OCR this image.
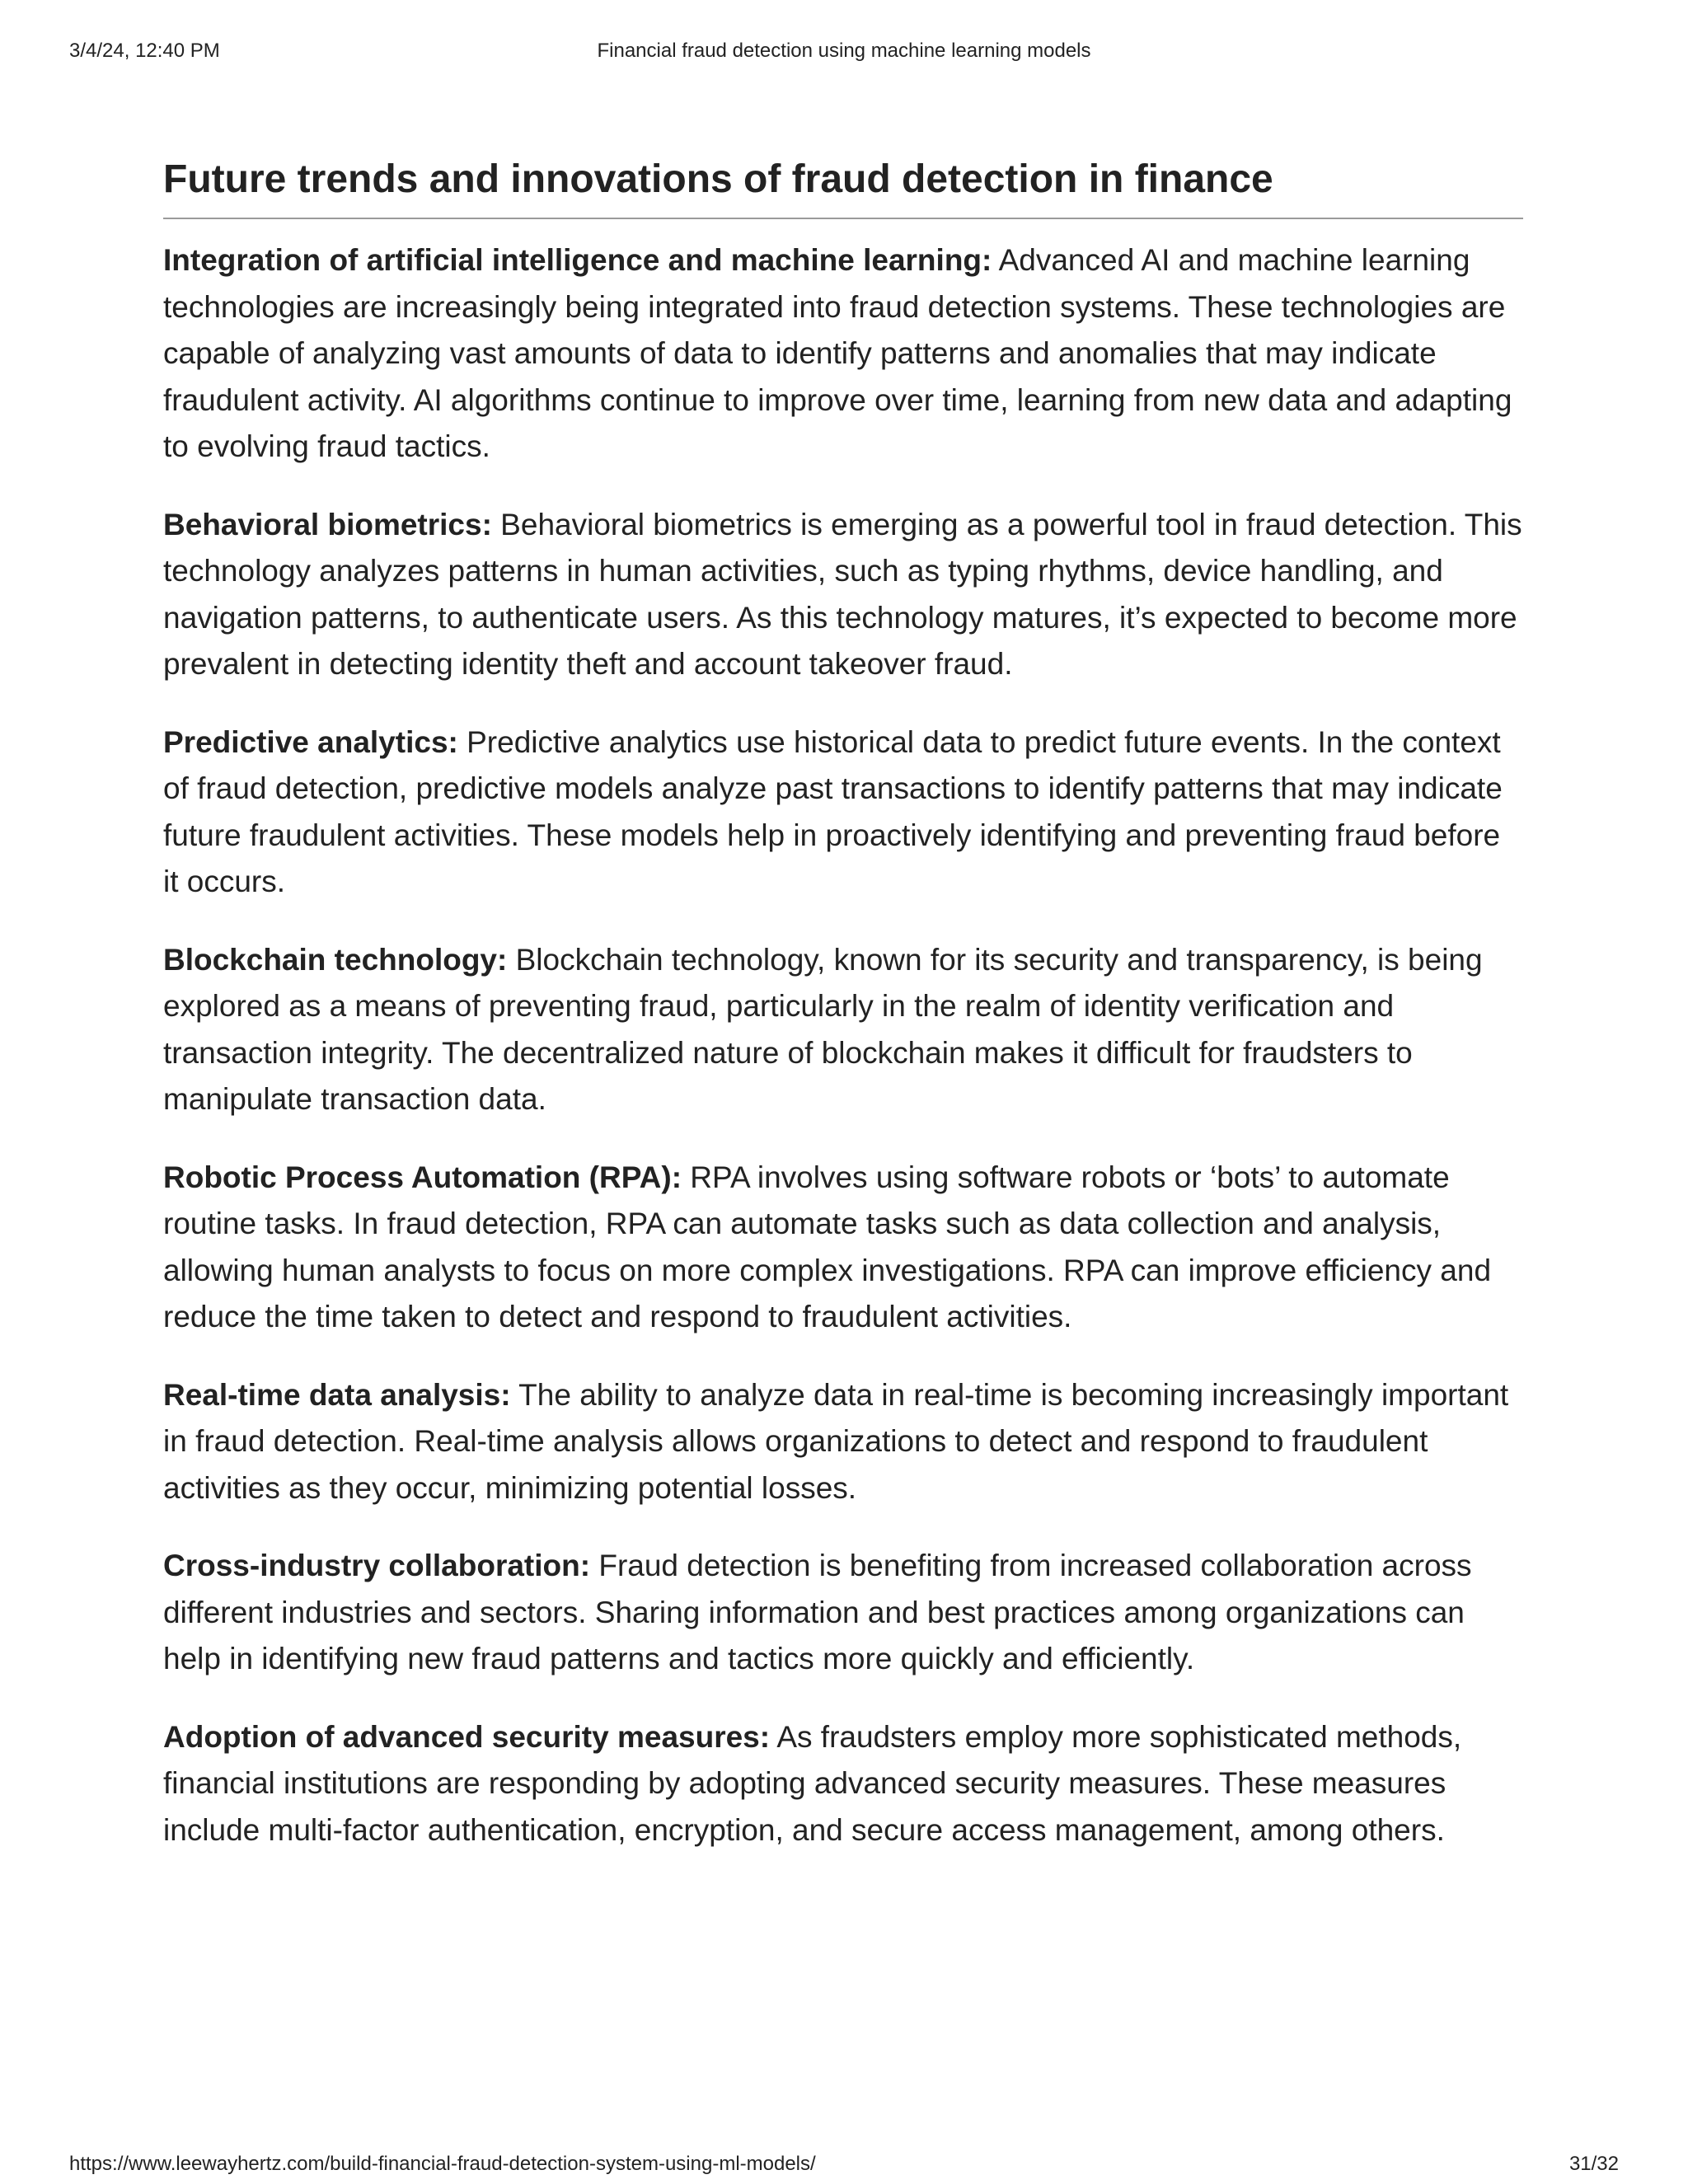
3/4/24, 12:40 PM	Financial fraud detection using machine learning models
Future trends and innovations of fraud detection in finance

Integration of artificial intelligence and machine learning: Advanced AI and machine learning technologies are increasingly being integrated into fraud detection systems. These technologies are capable of analyzing vast amounts of data to identify patterns and anomalies that may indicate fraudulent activity. AI algorithms continue to improve over time, learning from new data and adapting to evolving fraud tactics.

Behavioral biometrics: Behavioral biometrics is emerging as a powerful tool in fraud detection. This technology analyzes patterns in human activities, such as typing rhythms, device handling, and navigation patterns, to authenticate users. As this technology matures, it’s expected to become more prevalent in detecting identity theft and account takeover fraud.

Predictive analytics: Predictive analytics use historical data to predict future events. In the context of fraud detection, predictive models analyze past transactions to identify patterns that may indicate future fraudulent activities. These models help in proactively identifying and preventing fraud before it occurs.

Blockchain technology: Blockchain technology, known for its security and transparency, is being explored as a means of preventing fraud, particularly in the realm of identity verification and transaction integrity. The decentralized nature of blockchain makes it difficult for fraudsters to manipulate transaction data.

Robotic Process Automation (RPA): RPA involves using software robots or ‘bots’ to automate routine tasks. In fraud detection, RPA can automate tasks such as data collection and analysis, allowing human analysts to focus on more complex investigations. RPA can improve efficiency and reduce the time taken to detect and respond to fraudulent activities.

Real-time data analysis: The ability to analyze data in real-time is becoming increasingly important in fraud detection. Real-time analysis allows organizations to detect and respond to fraudulent activities as they occur, minimizing potential losses.

Cross-industry collaboration: Fraud detection is benefiting from increased collaboration across different industries and sectors. Sharing information and best practices among organizations can help in identifying new fraud patterns and tactics more quickly and efficiently.

Adoption of advanced security measures: As fraudsters employ more sophisticated methods, financial institutions are responding by adopting advanced security measures. These measures include multi-factor authentication, encryption, and secure access management, among others.

https://www.leewayhertz.com/build-financial-fraud-detection-system-using-ml-models/	31/32
